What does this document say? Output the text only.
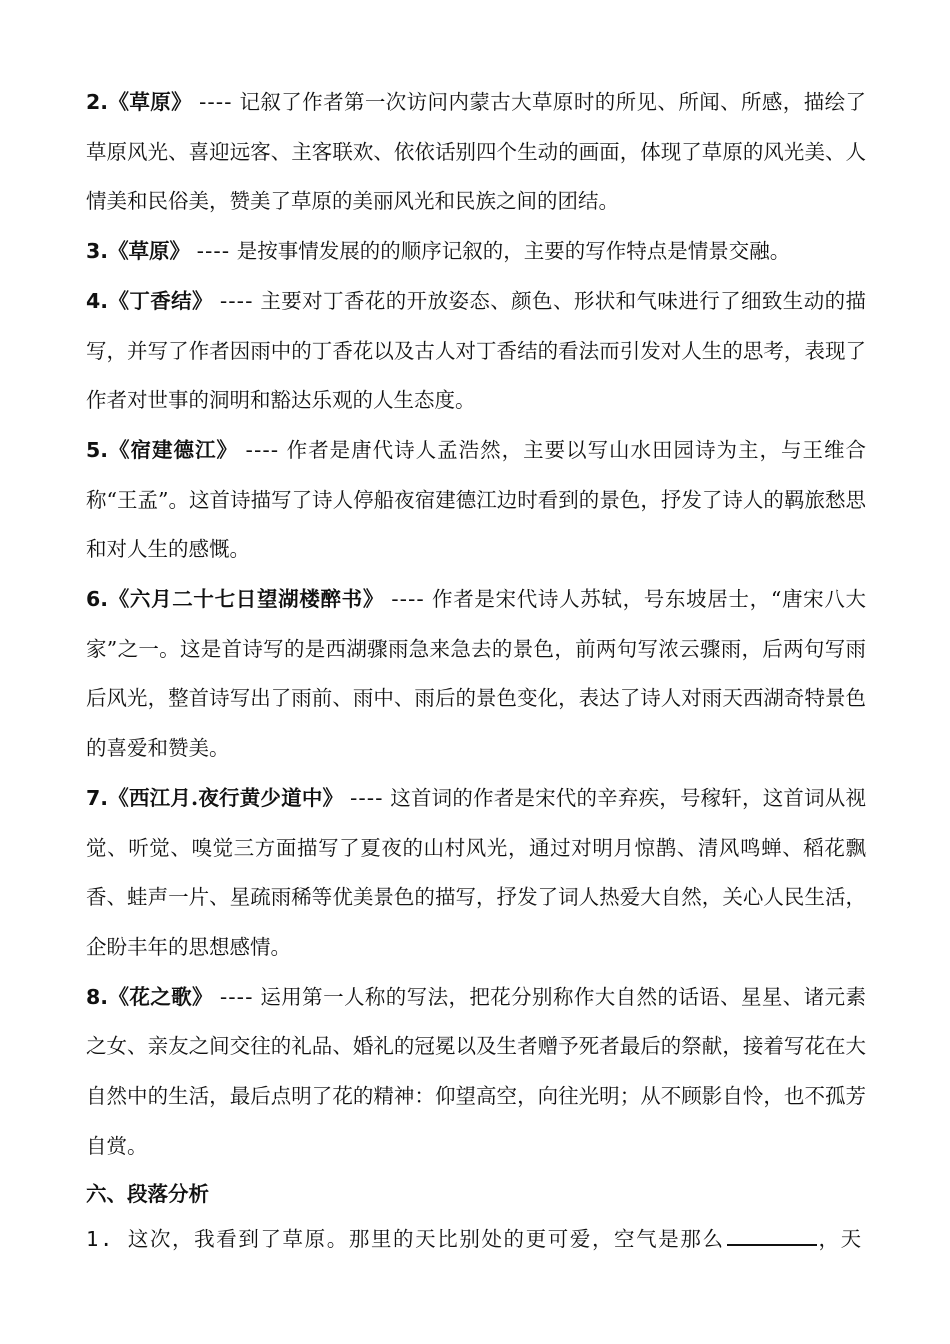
2.《草原》 ---- 记叙了作者第一次访问内蒙古大草原时的所见、所闻、所感，描绘了草原风光、喜迎远客、主客联欢、依依话别四个生动的画面，体现了草原的风光美、人情美和民俗美，赞美了草原的美丽风光和民族之间的团结。

3.《草原》 ---- 是按事情发展的的顺序记叙的，主要的写作特点是情景交融。

4.《丁香结》 ---- 主要对丁香花的开放姿态、颜色、形状和气味进行了细致生动的描写，并写了作者因雨中的丁香花以及古人对丁香结的看法而引发对人生的思考，表现了作者对世事的洞明和豁达乐观的人生态度。

5.《宿建德江》 ---- 作者是唐代诗人孟浩然，主要以写山水田园诗为主，与王维合称“王孟”。这首诗描写了诗人停船夜宿建德江边时看到的景色，抒发了诗人的羁旅愁思和对人生的感慨。

6.《六月二十七日望湖楼醉书》 ---- 作者是宋代诗人苏轼，号东坡居士，“唐宋八大家”之一。这是首诗写的是西湖骤雨急来急去的景色，前两句写浓云骤雨，后两句写雨后风光，整首诗写出了雨前、雨中、雨后的景色变化，表达了诗人对雨天西湖奇特景色的喜爱和赞美。

7.《西江月.夜行黄少道中》 ---- 这首词的作者是宋代的辛弃疾，号稼轩，这首词从视觉、听觉、嗅觉三方面描写了夏夜的山村风光，通过对明月惊鹊、清风鸣蝉、稻花飘香、蛙声一片、星疏雨稀等优美景色的描写，抒发了词人热爱大自然，关心人民生活，企盼丰年的思想感情。

8.《花之歌》 ---- 运用第一人称的写法，把花分别称作大自然的话语、星星、诸元素之女、亲友之间交往的礼品、婚礼的冠冕以及生者赠予死者最后的祭献，接着写花在大自然中的生活，最后点明了花的精神：仰望高空，向往光明；从不顾影自怜，也不孤芳自赏。

六、段落分析

1. 这次，我看到了草原。那里的天比别处的更可爱，空气是那么	，天
